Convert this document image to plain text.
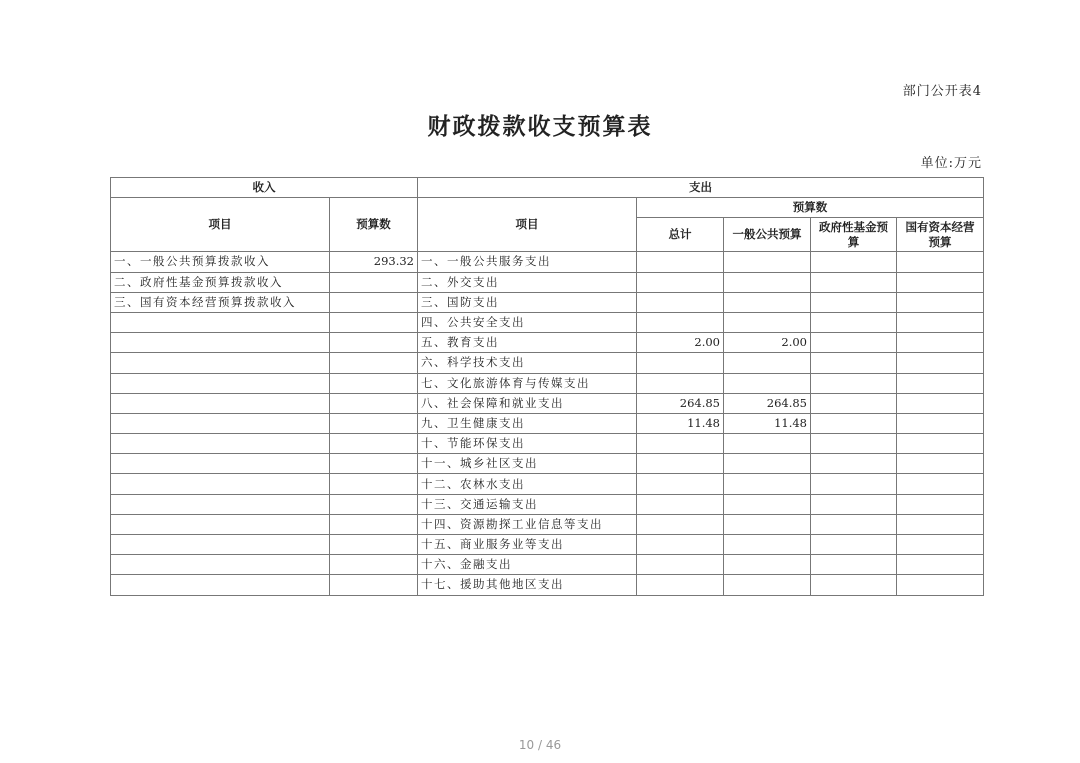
部门公开表4
财政拨款收支预算表
单位:万元
收入		支出				
项目	预算数	项目	预算数			
			总计	一般公共预算	政府性基金预算	国有资本经营预算
一、一般公共预算拨款收入	293.32	一、一般公共服务支出				
二、政府性基金预算拨款收入		二、外交支出				
三、国有资本经营预算拨款收入		三、国防支出				
		四、公共安全支出				
		五、教育支出	2.00	2.00		
		六、科学技术支出				
		七、文化旅游体育与传媒支出				
		八、社会保障和就业支出	264.85	264.85		
		九、卫生健康支出	11.48	11.48		
		十、节能环保支出				
		十一、城乡社区支出				
		十二、农林水支出				
		十三、交通运输支出				
		十四、资源勘探工业信息等支出				
		十五、商业服务业等支出				
		十六、金融支出				
		十七、援助其他地区支出				
10 / 46
